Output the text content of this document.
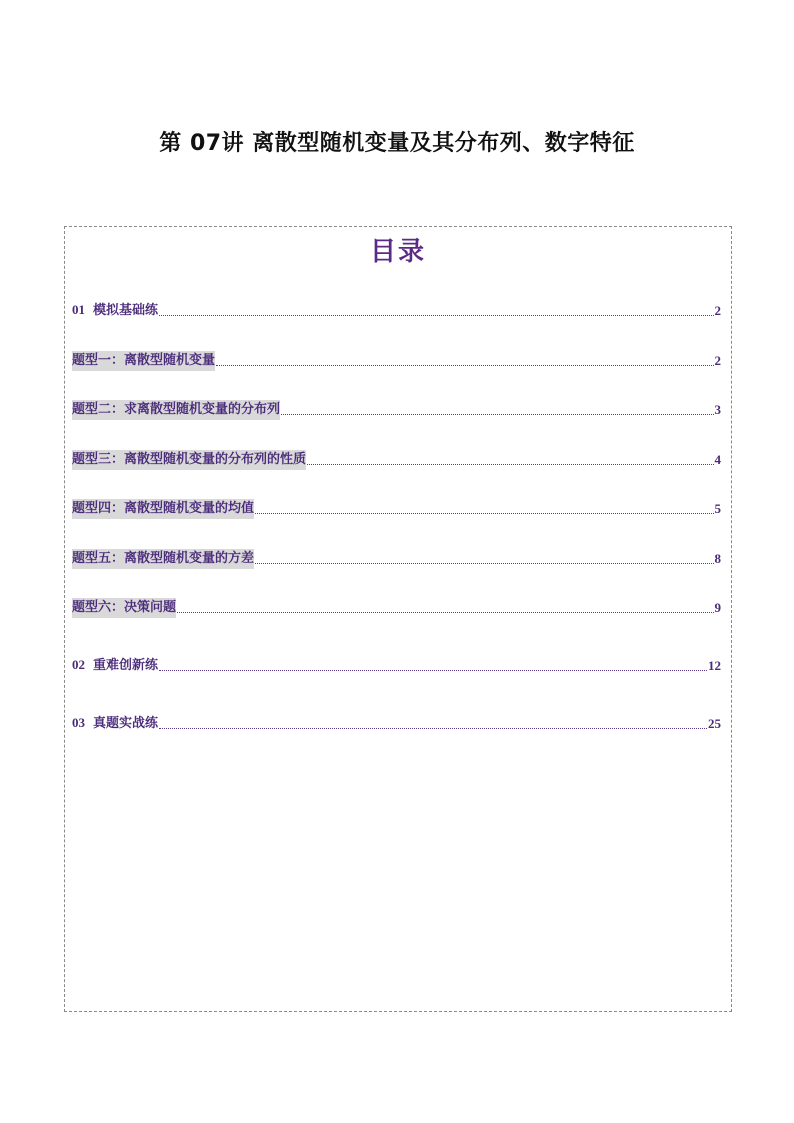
第 07讲 离散型随机变量及其分布列、数字特征
目录
01 模拟基础练	2
题型一：离散型随机变量	2
题型二：求离散型随机变量的分布列	3
题型三：离散型随机变量的分布列的性质	4
题型四：离散型随机变量的均值	5
题型五：离散型随机变量的方差	8
题型六：决策问题	9
02 重难创新练	12
03 真题实战练	25
